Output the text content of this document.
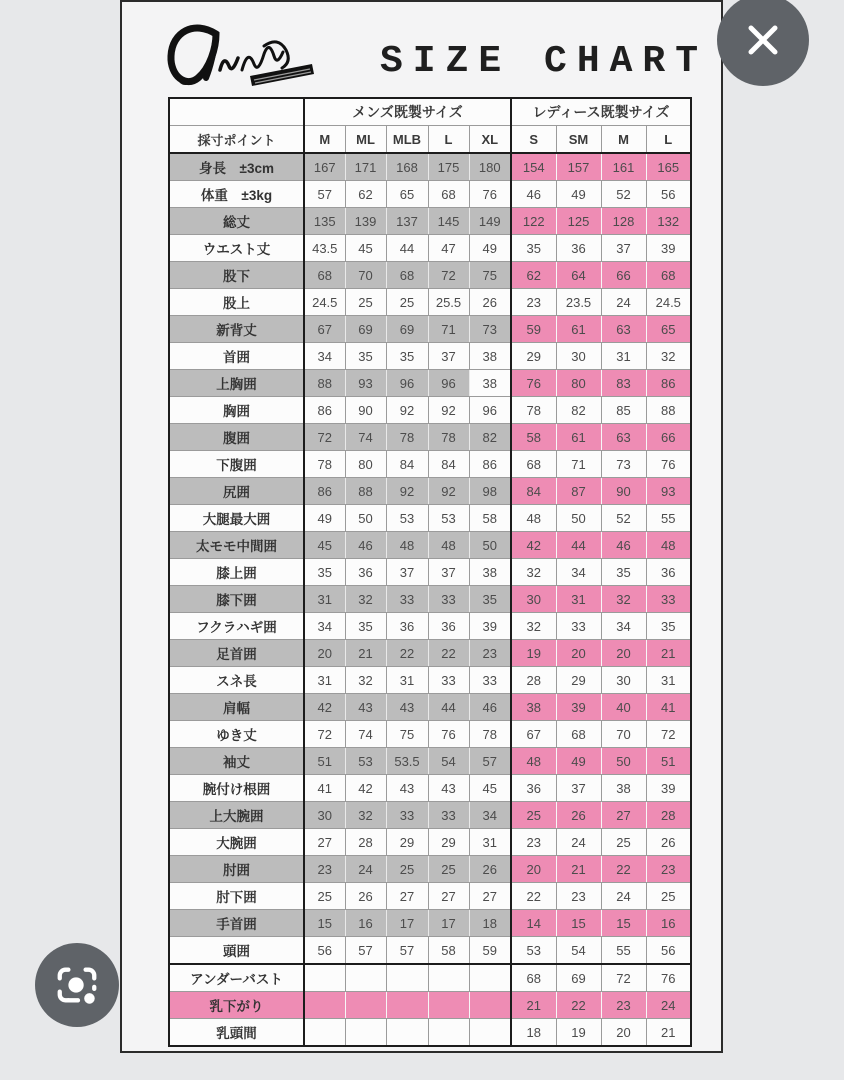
SIZE CHART
	メンズ既製サイズ					レディース既製サイズ			
採寸ポイント	M	ML	MLB	L	XL	S	SM	M	L
身長　±3cm	167	171	168	175	180	154	157	161	165
体重　±3kg	57	62	65	68	76	46	49	52	56
総丈	135	139	137	145	149	122	125	128	132
ウエスト丈	43.5	45	44	47	49	35	36	37	39
股下	68	70	68	72	75	62	64	66	68
股上	24.5	25	25	25.5	26	23	23.5	24	24.5
新背丈	67	69	69	71	73	59	61	63	65
首囲	34	35	35	37	38	29	30	31	32
上胸囲	88	93	96	96	38	76	80	83	86
胸囲	86	90	92	92	96	78	82	85	88
腹囲	72	74	78	78	82	58	61	63	66
下腹囲	78	80	84	84	86	68	71	73	76
尻囲	86	88	92	92	98	84	87	90	93
大腿最大囲	49	50	53	53	58	48	50	52	55
太モモ中間囲	45	46	48	48	50	42	44	46	48
膝上囲	35	36	37	37	38	32	34	35	36
膝下囲	31	32	33	33	35	30	31	32	33
フクラハギ囲	34	35	36	36	39	32	33	34	35
足首囲	20	21	22	22	23	19	20	20	21
スネ長	31	32	31	33	33	28	29	30	31
肩幅	42	43	43	44	46	38	39	40	41
ゆき丈	72	74	75	76	78	67	68	70	72
袖丈	51	53	53.5	54	57	48	49	50	51
腕付け根囲	41	42	43	43	45	36	37	38	39
上大腕囲	30	32	33	33	34	25	26	27	28
大腕囲	27	28	29	29	31	23	24	25	26
肘囲	23	24	25	25	26	20	21	22	23
肘下囲	25	26	27	27	27	22	23	24	25
手首囲	15	16	17	17	18	14	15	15	16
頭囲	56	57	57	58	59	53	54	55	56
アンダーバスト						68	69	72	76
乳下がり						21	22	23	24
乳頭間						18	19	20	21
